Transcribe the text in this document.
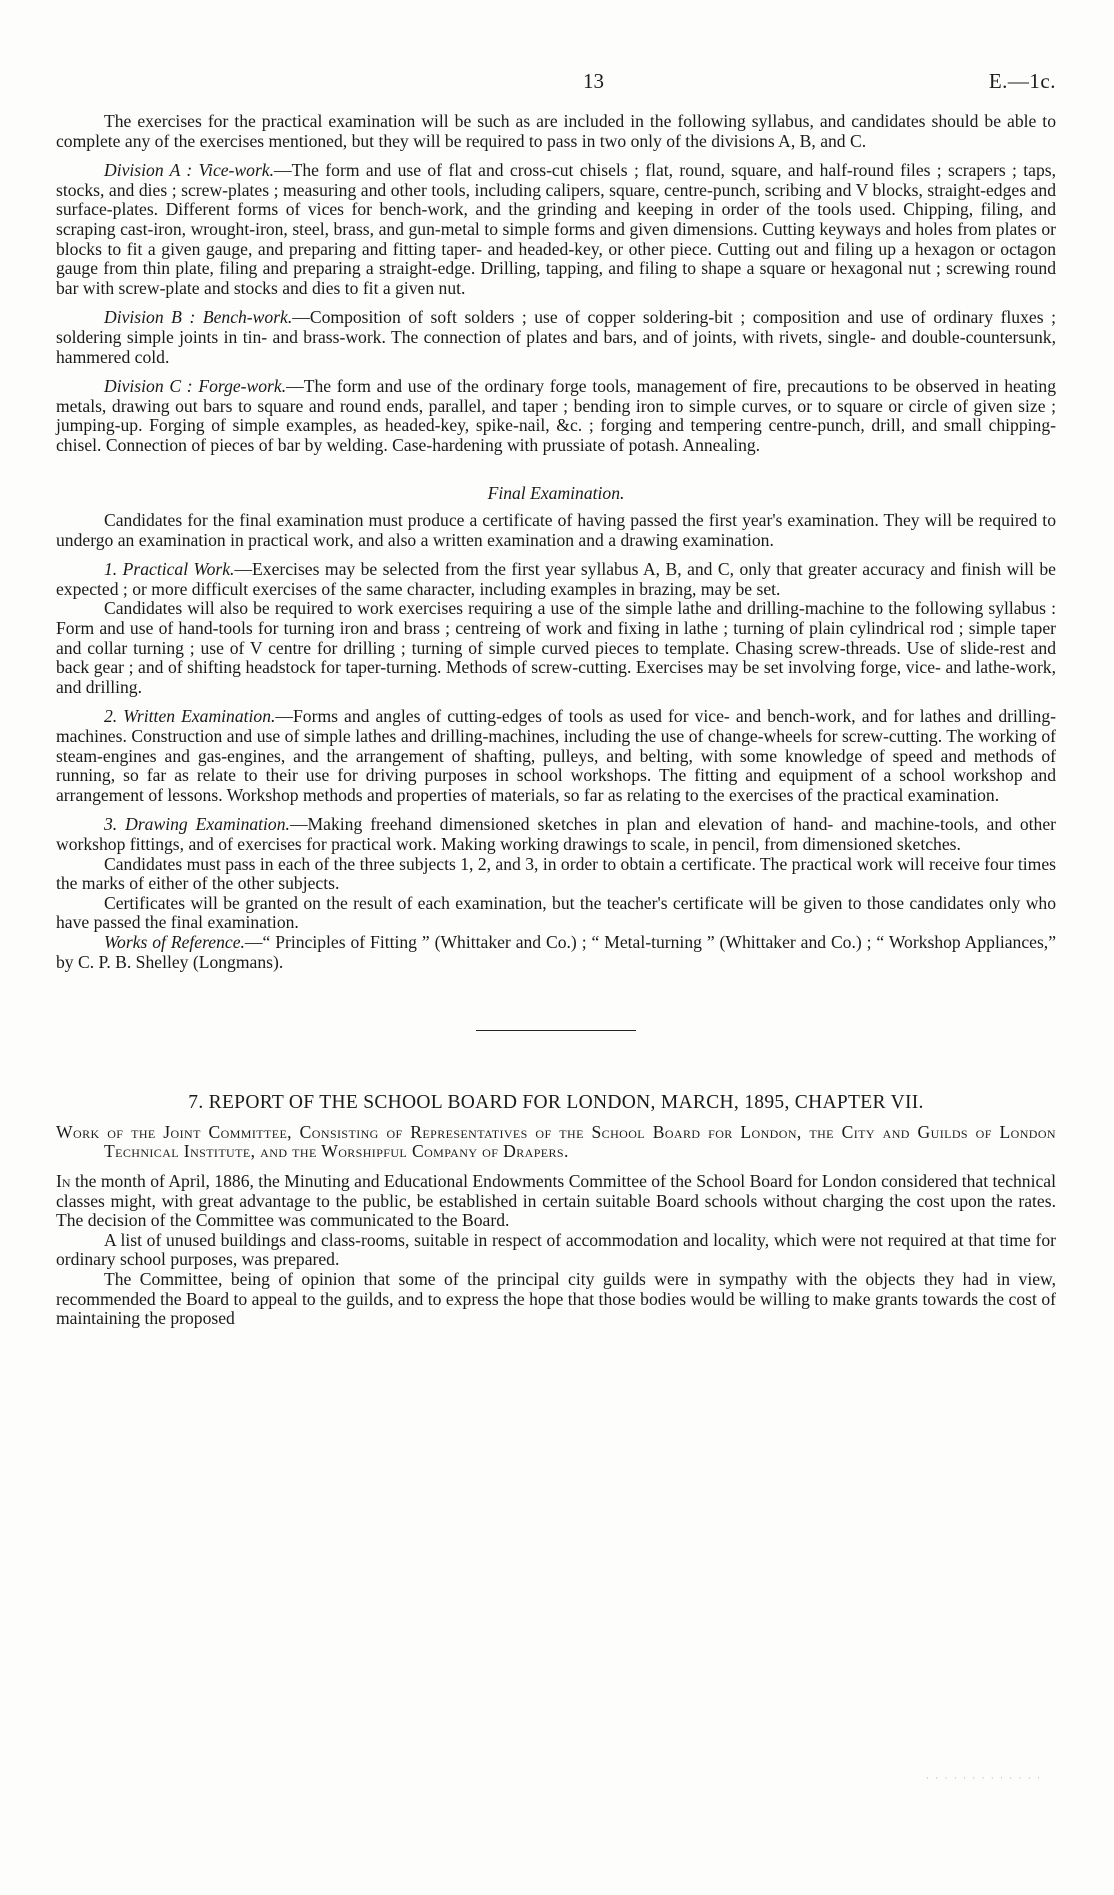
13	E.—1c.

The exercises for the practical examination will be such as are included in the following syllabus, and candidates should be able to complete any of the exercises mentioned, but they will be required to pass in two only of the divisions A, B, and C.

Division A : Vice-work.—The form and use of flat and cross-cut chisels ; flat, round, square, and half-round files ; scrapers ; taps, stocks, and dies ; screw-plates ; measuring and other tools, including calipers, square, centre-punch, scribing and V blocks, straight-edges and surface-plates. Different forms of vices for bench-work, and the grinding and keeping in order of the tools used. Chipping, filing, and scraping cast-iron, wrought-iron, steel, brass, and gun-metal to simple forms and given dimensions. Cutting keyways and holes from plates or blocks to fit a given gauge, and preparing and fitting taper- and headed-key, or other piece. Cutting out and filing up a hexagon or octagon gauge from thin plate, filing and preparing a straight-edge. Drilling, tapping, and filing to shape a square or hexagonal nut ; screwing round bar with screw-plate and stocks and dies to fit a given nut.

Division B : Bench-work.—Composition of soft solders ; use of copper soldering-bit ; composition and use of ordinary fluxes ; soldering simple joints in tin- and brass-work. The connection of plates and bars, and of joints, with rivets, single- and double-countersunk, hammered cold.

Division C : Forge-work.—The form and use of the ordinary forge tools, management of fire, precautions to be observed in heating metals, drawing out bars to square and round ends, parallel, and taper ; bending iron to simple curves, or to square or circle of given size ; jumping-up. Forging of simple examples, as headed-key, spike-nail, &c. ; forging and tempering centre-punch, drill, and small chipping-chisel. Connection of pieces of bar by welding. Case-hardening with prussiate of potash. Annealing.

Final Examination.

Candidates for the final examination must produce a certificate of having passed the first year's examination. They will be required to undergo an examination in practical work, and also a written examination and a drawing examination.

1. Practical Work.—Exercises may be selected from the first year syllabus A, B, and C, only that greater accuracy and finish will be expected ; or more difficult exercises of the same character, including examples in brazing, may be set.

Candidates will also be required to work exercises requiring a use of the simple lathe and drilling-machine to the following syllabus : Form and use of hand-tools for turning iron and brass ; centreing of work and fixing in lathe ; turning of plain cylindrical rod ; simple taper and collar turning ; use of V centre for drilling ; turning of simple curved pieces to template. Chasing screw-threads. Use of slide-rest and back gear ; and of shifting headstock for taper-turning. Methods of screw-cutting. Exercises may be set involving forge, vice- and lathe-work, and drilling.

2. Written Examination.—Forms and angles of cutting-edges of tools as used for vice- and bench-work, and for lathes and drilling-machines. Construction and use of simple lathes and drilling-machines, including the use of change-wheels for screw-cutting. The working of steam-engines and gas-engines, and the arrangement of shafting, pulleys, and belting, with some knowledge of speed and methods of running, so far as relate to their use for driving purposes in school workshops. The fitting and equipment of a school workshop and arrangement of lessons. Workshop methods and properties of materials, so far as relating to the exercises of the practical examination.

3. Drawing Examination.—Making freehand dimensioned sketches in plan and elevation of hand- and machine-tools, and other workshop fittings, and of exercises for practical work. Making working drawings to scale, in pencil, from dimensioned sketches.

Candidates must pass in each of the three subjects 1, 2, and 3, in order to obtain a certificate. The practical work will receive four times the marks of either of the other subjects.

Certificates will be granted on the result of each examination, but the teacher's certificate will be given to those candidates only who have passed the final examination.

Works of Reference.—“ Principles of Fitting ” (Whittaker and Co.) ; “ Metal-turning ” (Whittaker and Co.) ; “ Workshop Appliances,” by C. P. B. Shelley (Longmans).

7. REPORT OF THE SCHOOL BOARD FOR LONDON, MARCH, 1895, CHAPTER VII.

Work of the Joint Committee, Consisting of Representatives of the School Board for London, the City and Guilds of London Technical Institute, and the Worshipful Company of Drapers.

In the month of April, 1886, the Minuting and Educational Endowments Committee of the School Board for London considered that technical classes might, with great advantage to the public, be established in certain suitable Board schools without charging the cost upon the rates. The decision of the Committee was communicated to the Board.

A list of unused buildings and class-rooms, suitable in respect of accommodation and locality, which were not required at that time for ordinary school purposes, was prepared.

The Committee, being of opinion that some of the principal city guilds were in sympathy with the objects they had in view, recommended the Board to appeal to the guilds, and to express the hope that those bodies would be willing to make grants towards the cost of maintaining the proposed

· · · · · · · · · · · · ·
